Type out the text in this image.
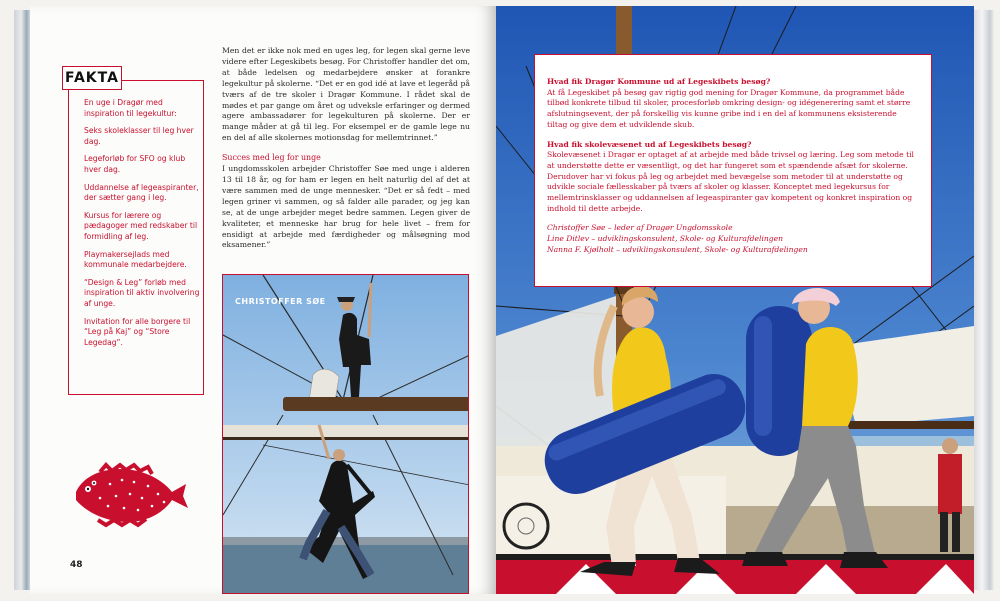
FAKTA

En uge i Dragør med inspiration til legekultur:

Seks skoleklasser til leg hver dag.

Legeforløb for SFO og klub hver dag.

Uddannelse af legeaspiranter, der sætter gang i leg.

Kursus for lærere og pædagoger med redskaber til formidling af leg.

Playmakersejlads med kommunale medarbejdere.

“Design & Leg” forløb med inspiration til aktiv involvering af unge.

Invitation for alle borgere til “Leg på Kaj” og “Store Legedag”.

48

Men det er ikke nok med en uges leg, for legen skal gerne leve videre efter Legeskibets besøg. For Christoffer handler det om, at både ledelsen og medarbejdere ønsker at forankre legekultur på skolerne. “Det er en god idé at lave et legeråd på tværs af de tre skoler i Dragør Kommune. I rådet skal de mødes et par gange om året og udveksle erfaringer og dermed agere ambassadører for legekulturen på skolerne. Der er mange måder at gå til leg. For eksempel er de gamle lege nu en del af alle skolernes motionsdag for mellemtrinnet.”

Succes med leg for unge

I ungdomsskolen arbejder Christoffer Søe med unge i alderen 13 til 18 år, og for ham er legen en helt naturlig del af det at være sammen med de unge mennesker. “Det er så fedt – med legen griner vi sammen, og så falder alle parader, og jeg kan se, at de unge arbejder meget bedre sammen. Legen giver de kvaliteter, et menneske har brug for hele livet – frem for ensidigt at arbejde med færdigheder og målsøgning mod eksamener.”

CHRISTOFFER SØE

Hvad fik Dragør Kommune ud af Legeskibets besøg?

At få Legeskibet på besøg gav rigtig god mening for Dragør Kommune, da programmet både tilbød konkrete tilbud til skoler, procesforløb omkring design- og idégenerering samt et større afslutningsevent, der på forskellig vis kunne gribe ind i en del af kommunens eksisterende tiltag og give dem et udviklende skub.

Hvad fik skolevæsenet ud af Legeskibets besøg?

Skolevæsenet i Dragør er optaget af at arbejde med både trivsel og læring. Leg som metode til at understøtte dette er væsentligt, og det har fungeret som et spændende afsæt for skolerne. Derudover har vi fokus på leg og arbejdet med bevægelse som metoder til at understøtte og udvikle sociale fællesskaber på tværs af skoler og klasser. Konceptet med legekursus for mellemtrinsklasser og uddannelsen af legeaspiranter gav kompetent og konkret inspiration og indhold til dette arbejde.

Christoffer Søe – leder af Dragør Ungdomsskole

Line Ditlev – udviklingskonsulent, Skole- og Kulturafdelingen

Nanna F. Kjølholt – udviklingskonsulent, Skole- og Kulturafdelingen
